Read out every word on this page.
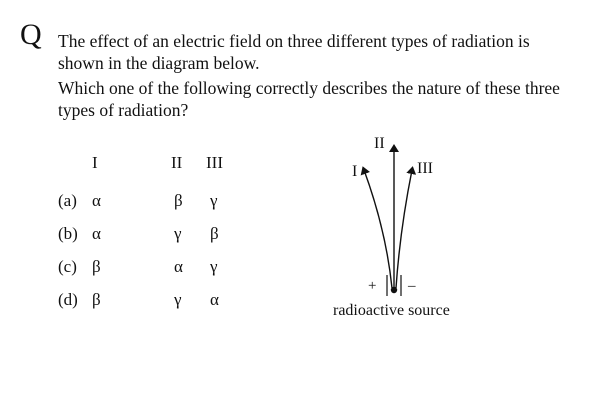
Q The effect of an electric field on three different types of radiation is shown in the diagram below.

Which one of the following correctly describes the nature of these three types of radiation?

I	II III
(a) α	β γ
(b) α	γ β
(c) β	α γ
(d) β	γ α
I
II
III
+ –
radioactive source
